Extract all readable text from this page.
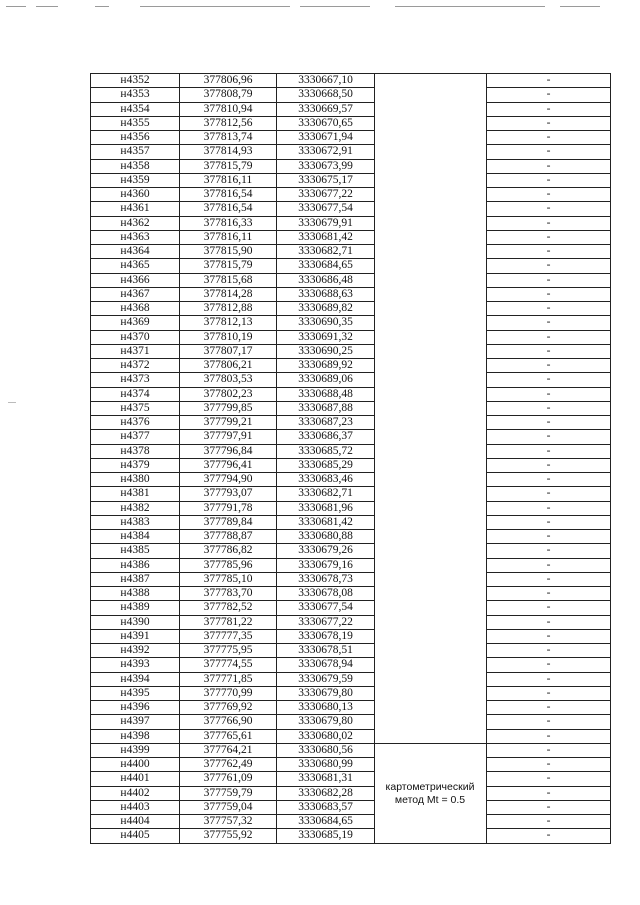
н4352	377806,96	3330667,10		-
н4353	377808,79	3330668,50		-
н4354	377810,94	3330669,57		-
н4355	377812,56	3330670,65		-
н4356	377813,74	3330671,94		-
н4357	377814,93	3330672,91		-
н4358	377815,79	3330673,99		-
н4359	377816,11	3330675,17		-
н4360	377816,54	3330677,22		-
н4361	377816,54	3330677,54		-
н4362	377816,33	3330679,91		-
н4363	377816,11	3330681,42		-
н4364	377815,90	3330682,71		-
н4365	377815,79	3330684,65		-
н4366	377815,68	3330686,48		-
н4367	377814,28	3330688,63		-
н4368	377812,88	3330689,82		-
н4369	377812,13	3330690,35		-
н4370	377810,19	3330691,32		-
н4371	377807,17	3330690,25		-
н4372	377806,21	3330689,92		-
н4373	377803,53	3330689,06		-
н4374	377802,23	3330688,48		-
н4375	377799,85	3330687,88		-
н4376	377799,21	3330687,23		-
н4377	377797,91	3330686,37		-
н4378	377796,84	3330685,72		-
н4379	377796,41	3330685,29		-
н4380	377794,90	3330683,46		-
н4381	377793,07	3330682,71		-
н4382	377791,78	3330681,96		-
н4383	377789,84	3330681,42		-
н4384	377788,87	3330680,88		-
н4385	377786,82	3330679,26		-
н4386	377785,96	3330679,16		-
н4387	377785,10	3330678,73		-
н4388	377783,70	3330678,08		-
н4389	377782,52	3330677,54		-
н4390	377781,22	3330677,22		-
н4391	377777,35	3330678,19		-
н4392	377775,95	3330678,51		-
н4393	377774,55	3330678,94		-
н4394	377771,85	3330679,59		-
н4395	377770,99	3330679,80		-
н4396	377769,92	3330680,13		-
н4397	377766,90	3330679,80		-
н4398	377765,61	3330680,02		-
н4399	377764,21	3330680,56		-
н4400	377762,49	3330680,99		-
н4401	377761,09	3330681,31		-
н4402	377759,79	3330682,28		-
н4403	377759,04	3330683,57		-
н4404	377757,32	3330684,65		-
н4405	377755,92	3330685,19		-
картометрический
метод Mt = 0.5
